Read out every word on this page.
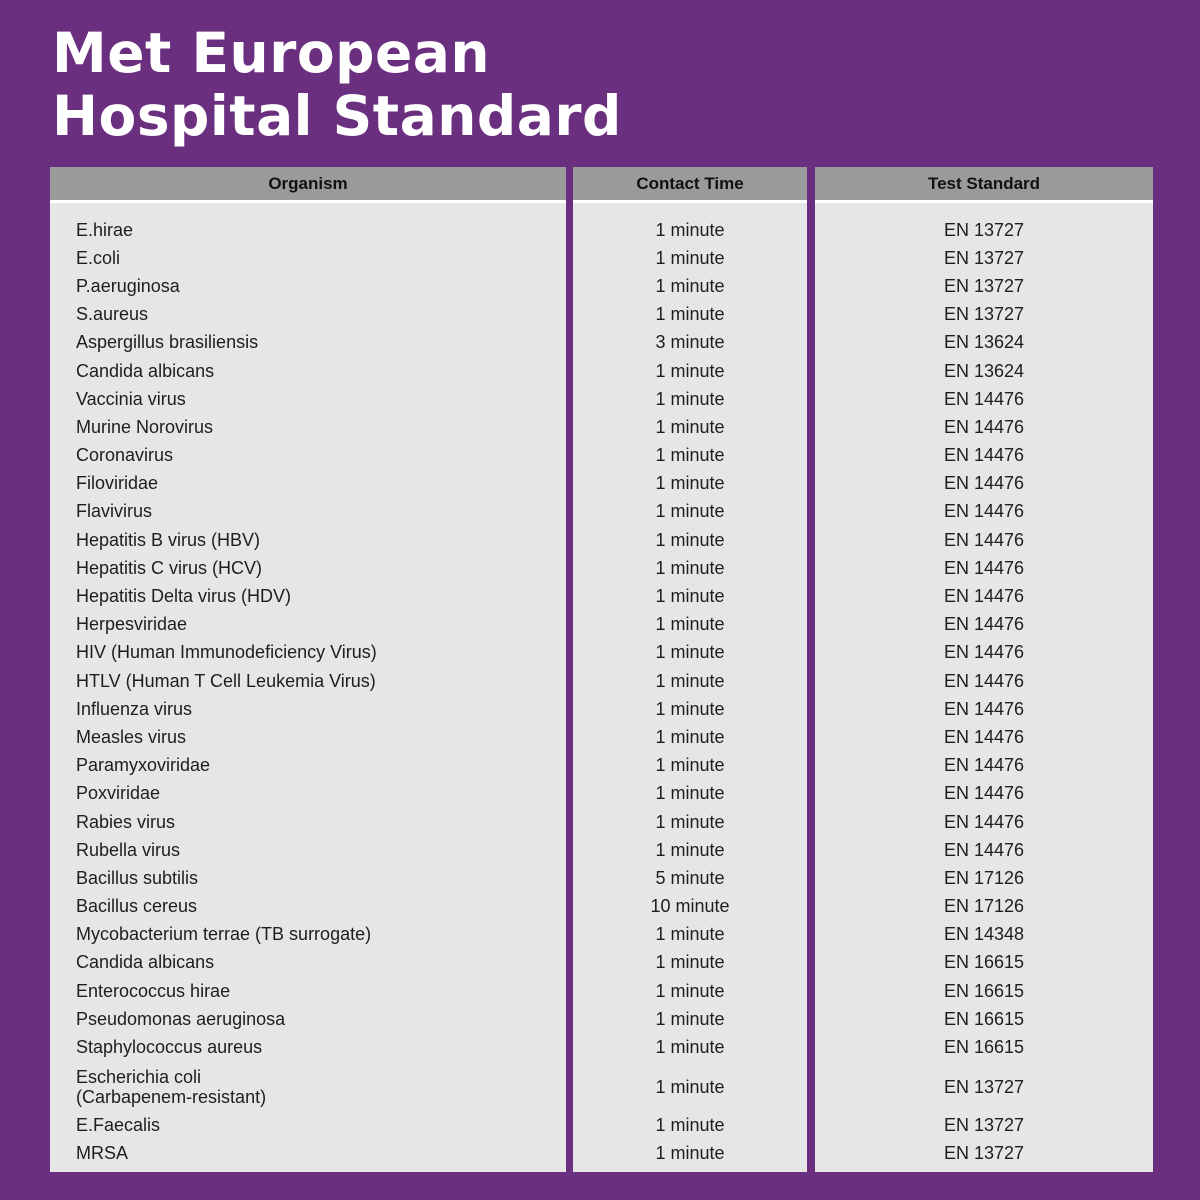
Met European
Hospital Standard
Organism
E.hirae
E.coli
P.aeruginosa
S.aureus
Aspergillus brasiliensis
Candida albicans
Vaccinia virus
Murine Norovirus
Coronavirus
Filoviridae
Flavivirus
Hepatitis B virus (HBV)
Hepatitis C virus (HCV)
Hepatitis Delta virus (HDV)
Herpesviridae
HIV (Human Immunodeficiency Virus)
HTLV (Human T Cell Leukemia Virus)
Influenza virus
Measles virus
Paramyxoviridae
Poxviridae
Rabies virus
Rubella virus
Bacillus subtilis
Bacillus cereus
Mycobacterium terrae (TB surrogate)
Candida albicans
Enterococcus hirae
Pseudomonas aeruginosa
Staphylococcus aureus
Escherichia coli
(Carbapenem-resistant)
E.Faecalis
MRSA
Contact Time
1 minute
1 minute
1 minute
1 minute
3 minute
1 minute
1 minute
1 minute
1 minute
1 minute
1 minute
1 minute
1 minute
1 minute
1 minute
1 minute
1 minute
1 minute
1 minute
1 minute
1 minute
1 minute
1 minute
5 minute
10 minute
1 minute
1 minute
1 minute
1 minute
1 minute
1 minute
1 minute
1 minute
Test Standard
EN 13727
EN 13727
EN 13727
EN 13727
EN 13624
EN 13624
EN 14476
EN 14476
EN 14476
EN 14476
EN 14476
EN 14476
EN 14476
EN 14476
EN 14476
EN 14476
EN 14476
EN 14476
EN 14476
EN 14476
EN 14476
EN 14476
EN 14476
EN 17126
EN 17126
EN 14348
EN 16615
EN 16615
EN 16615
EN 16615
EN 13727
EN 13727
EN 13727
